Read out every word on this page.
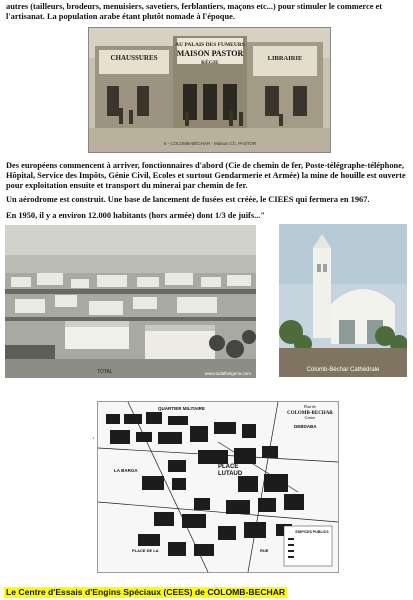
autres (tailleurs, brodeurs, menuisiers, savetiers, ferblantiers, maçons etc...) pour stimuler le commerce et l'artisanat. La population arabe étant plutôt nomade à l'époque.
CHAUSSURES
AU PALAIS DES FUMEURS
MAISON PASTOR
RÉGIE
LIBRAIRIE
6 - COLOMB-BÉCHAR - Maison Ch. PASTOR
Des européens commencent à arriver, fonctionnaires d'abord (Cie de chemin de fer, Poste-télégraphe-téléphone, Hôpital, Service des Impôts, Génie Civil, Ecoles et surtout Gendarmerie et Armée) la mine de houille est ouverte pour exploitation ensuite et transport du minerai par chemin de fer.
Un aérodrome est construit. Une base de lancement de fusées est créée, le CIEES qui fermera en 1967.
En 1950, il y a environ 12.000 habitants (hors armée) dont 1/3 de juifs..."
TOTAL	www.todalbelgeria.com
Colomb-Béchar Cathédrale
·
EDIFICES PUBLICS
Plan de
COLOMB-BECHAR
Centre
QUARTIER MILITAIRE
LA BARGA
PLACE
LUTAUD
DEBDABA
PLACE DE LA	RUE
Le Centre d'Essais d'Engins Spéciaux (CEES) de COLOMB-BECHAR
